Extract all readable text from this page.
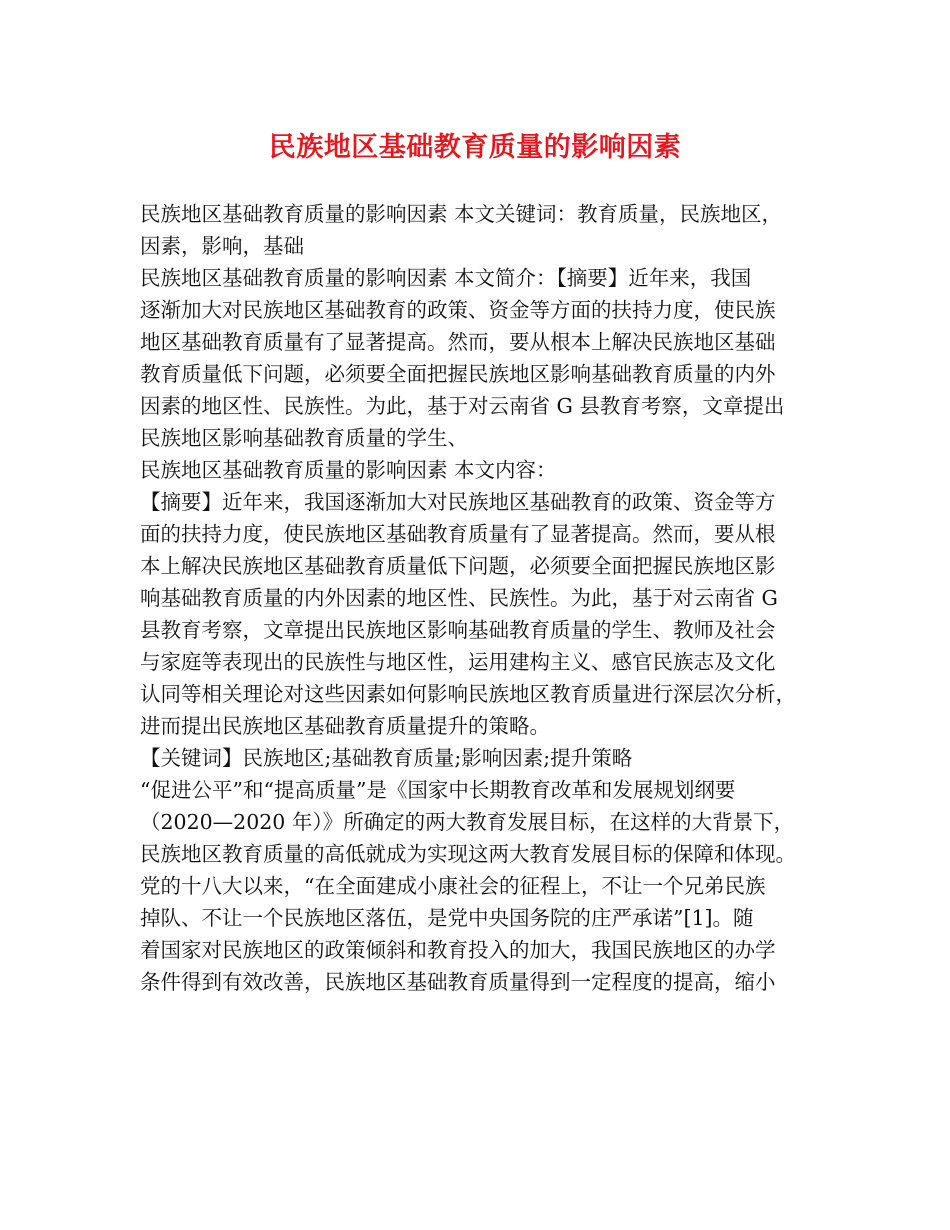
民族地区基础教育质量的影响因素
民族地区基础教育质量的影响因素 本文关键词：教育质量，民族地区，
因素，影响，基础
民族地区基础教育质量的影响因素 本文简介：【摘要】近年来，我国
逐渐加大对民族地区基础教育的政策、资金等方面的扶持力度，使民族
地区基础教育质量有了显著提高。然而，要从根本上解决民族地区基础
教育质量低下问题，必须要全面把握民族地区影响基础教育质量的内外
因素的地区性、民族性。为此，基于对云南省 G 县教育考察，文章提出
民族地区影响基础教育质量的学生、
民族地区基础教育质量的影响因素 本文内容：
【摘要】近年来，我国逐渐加大对民族地区基础教育的政策、资金等方
面的扶持力度，使民族地区基础教育质量有了显著提高。然而，要从根
本上解决民族地区基础教育质量低下问题，必须要全面把握民族地区影
响基础教育质量的内外因素的地区性、民族性。为此，基于对云南省 G
县教育考察，文章提出民族地区影响基础教育质量的学生、教师及社会
与家庭等表现出的民族性与地区性，运用建构主义、感官民族志及文化
认同等相关理论对这些因素如何影响民族地区教育质量进行深层次分析，
进而提出民族地区基础教育质量提升的策略。
【关键词】民族地区;基础教育质量;影响因素;提升策略
“促进公平”和“提高质量”是《国家中长期教育改革和发展规划纲要
（2020—2020 年）》所确定的两大教育发展目标，在这样的大背景下，
民族地区教育质量的高低就成为实现这两大教育发展目标的保障和体现。
党的十八大以来，“在全面建成小康社会的征程上，不让一个兄弟民族
掉队、不让一个民族地区落伍，是党中央国务院的庄严承诺”[1]。随
着国家对民族地区的政策倾斜和教育投入的加大，我国民族地区的办学
条件得到有效改善，民族地区基础教育质量得到一定程度的提高，缩小
